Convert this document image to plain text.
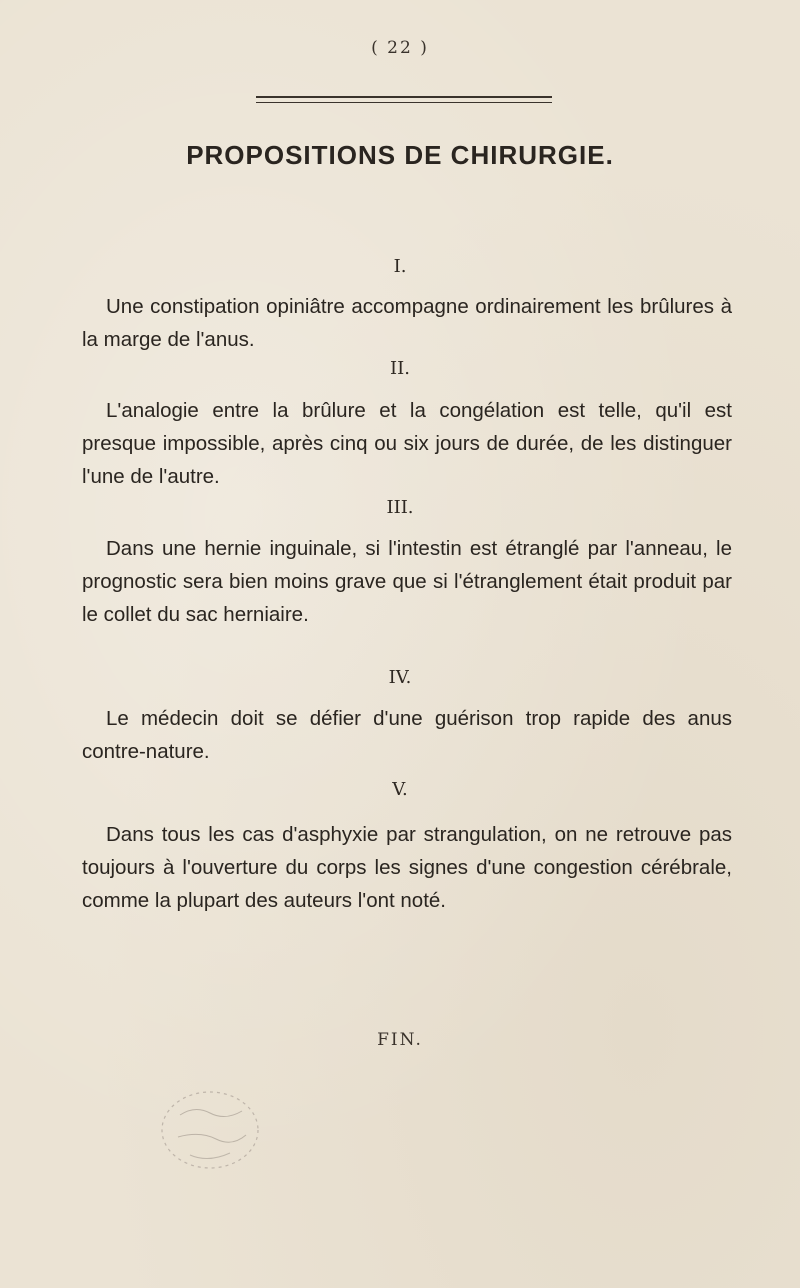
( 22 )
PROPOSITIONS DE CHIRURGIE.
I.
Une constipation opiniâtre accompagne ordinairement les brûlures à la marge de l'anus.
II.
L'analogie entre la brûlure et la congélation est telle, qu'il est presque impossible, après cinq ou six jours de durée, de les distinguer l'une de l'autre.
III.
Dans une hernie inguinale, si l'intestin est étranglé par l'anneau, le prognostic sera bien moins grave que si l'étranglement était produit par le collet du sac herniaire.
IV.
Le médecin doit se défier d'une guérison trop rapide des anus contre-nature.
V.
Dans tous les cas d'asphyxie par strangulation, on ne retrouve pas toujours à l'ouverture du corps les signes d'une congestion cérébrale, comme la plupart des auteurs l'ont noté.
FIN.
